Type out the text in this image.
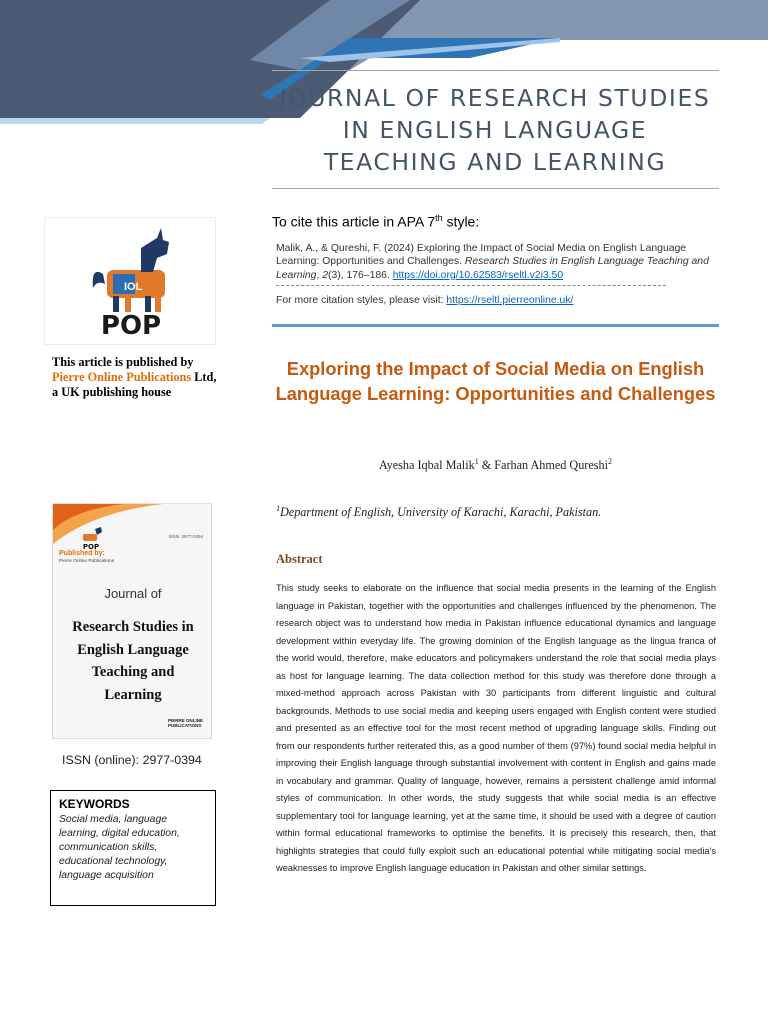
JOURNAL OF RESEARCH STUDIES IN ENGLISH LANGUAGE TEACHING AND LEARNING
To cite this article in APA 7th style:
Malik, A., & Qureshi, F. (2024) Exploring the Impact of Social Media on English Language Learning: Opportunities and Challenges. Research Studies in English Language Teaching and Learning, 2(3), 176–186. https://doi.org/10.62583/rseltl.v2i3.50
For more citation styles, please visit: https://rseltl.pierreonline.uk/
IOL
POP
This article is published by
Pierre Online Publications Ltd,
a UK publishing house
ISSN: 2977-0394
POP
Published by:
Pierre Online Publications
Journal of
Research Studies in
English Language
Teaching and
Learning
PIERRE ONLINE
PUBLICATIONS
ISSN (online): 2977-0394
KEYWORDS
Social media, language learning, digital education, communication skills, educational technology, language acquisition
Exploring the Impact of Social Media on English Language Learning: Opportunities and Challenges
Ayesha Iqbal Malik$^1$ & Farhan Ahmed Qureshi$^2$
$^1$Department of English, University of Karachi, Karachi, Pakistan.
Abstract
This study seeks to elaborate on the influence that social media presents in the learning of the English language in Pakistan, together with the opportunities and challenges influenced by the phenomenon. The research object was to understand how media in Pakistan influence educational dynamics and language development within everyday life. The growing dominion of the English language as the lingua franca of the world would, therefore, make educators and policymakers understand the role that social media plays as host for language learning. The data collection method for this study was therefore done through a mixed-method approach across Pakistan with 30 participants from different linguistic and cultural backgrounds. Methods to use social media and keeping users engaged with English content were studied and presented as an effective tool for the most recent method of upgrading language skills. Finding out from our respondents further reiterated this, as a good number of them (97%) found social media helpful in improving their English language through substantial involvement with content in English and gains made in vocabulary and grammar. Quality of language, however, remains a persistent challenge amid informal styles of communication. In other words, the study suggests that while social media is an effective supplementary tool for language learning, yet at the same time, it should be used with a degree of caution within formal educational frameworks to optimise the benefits. It is precisely this research, then, that highlights strategies that could fully exploit such an educational potential while mitigating social media's weaknesses to improve English language education in Pakistan and other similar settings.
